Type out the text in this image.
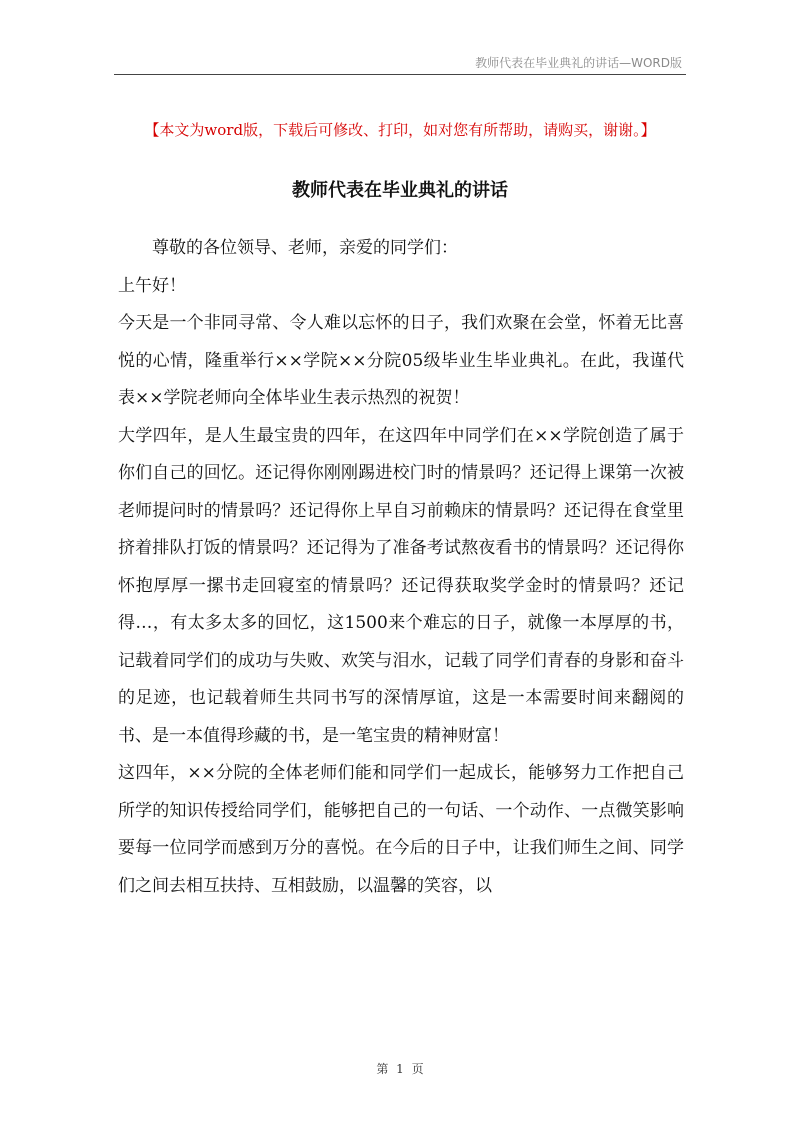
教师代表在毕业典礼的讲话—WORD版
【本文为word版，下载后可修改、打印，如对您有所帮助，请购买，谢谢。】
教师代表在毕业典礼的讲话

尊敬的各位领导、老师，亲爱的同学们：

上午好！

今天是一个非同寻常、令人难以忘怀的日子，我们欢聚在会堂，怀着无比喜悦的心情，隆重举行××学院××分院05级毕业生毕业典礼。在此，我谨代表××学院老师向全体毕业生表示热烈的祝贺！

大学四年，是人生最宝贵的四年，在这四年中同学们在××学院创造了属于你们自己的回忆。还记得你刚刚踢进校门时的情景吗？还记得上课第一次被老师提问时的情景吗？还记得你上早自习前赖床的情景吗？还记得在食堂里挤着排队打饭的情景吗？还记得为了准备考试熬夜看书的情景吗？还记得你怀抱厚厚一摞书走回寝室的情景吗？还记得获取奖学金时的情景吗？还记得…，有太多太多的回忆，这1500来个难忘的日子，就像一本厚厚的书，记载着同学们的成功与失败、欢笑与泪水，记载了同学们青春的身影和奋斗的足迹，也记载着师生共同书写的深情厚谊，这是一本需要时间来翻阅的书、是一本值得珍藏的书，是一笔宝贵的精神财富！

这四年，××分院的全体老师们能和同学们一起成长，能够努力工作把自己所学的知识传授给同学们，能够把自己的一句话、一个动作、一点微笑影响要每一位同学而感到万分的喜悦。在今后的日子中，让我们师生之间、同学们之间去相互扶持、互相鼓励，以温馨的笑容，以

第 1 页
